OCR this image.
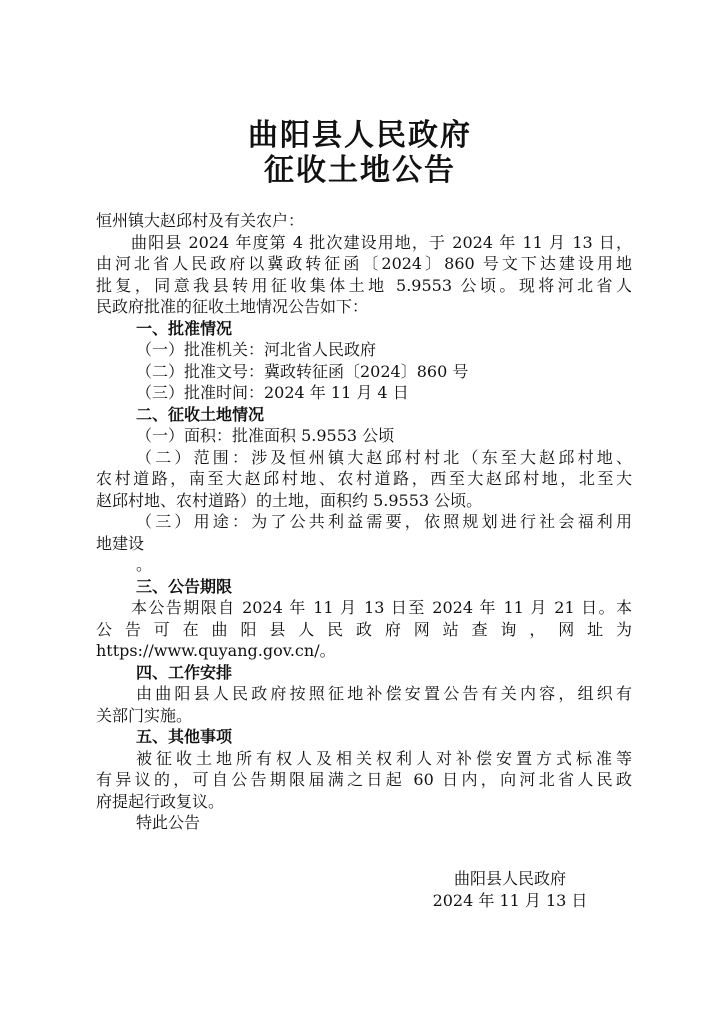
曲阳县人民政府
征收土地公告
恒州镇大赵邱村及有关农户：
曲阳县 2024 年度第 4 批次建设用地，于 2024 年 11 月 13 日，
由河北省人民政府以冀政转征函〔2024〕860 号文下达建设用地
批复，同意我县转用征收集体土地 5.9553 公顷。现将河北省人
民政府批准的征收土地情况公告如下：
一、批准情况
（一）批准机关：河北省人民政府
（二）批准文号：冀政转征函〔2024〕860 号
（三）批准时间：2024 年 11 月 4 日
二、征收土地情况
（一）面积：批准面积 5.9553 公顷
（二）范围：涉及恒州镇大赵邱村村北（东至大赵邱村地、
农村道路，南至大赵邱村地、农村道路，西至大赵邱村地，北至大
赵邱村地、农村道路）的土地，面积约 5.9553 公顷。
（三）用途：为了公共利益需要，依照规划进行社会福利用
地建设
。
三、公告期限
本公告期限自 2024 年 11 月 13 日至 2024 年 11 月 21 日。本
公 告 可 在 曲 阳 县 人 民 政 府 网 站 查 询 ， 网 址 为
https://www.quyang.gov.cn/。
四、工作安排
由曲阳县人民政府按照征地补偿安置公告有关内容，组织有
关部门实施。
五、其他事项
被征收土地所有权人及相关权利人对补偿安置方式标准等
有异议的，可自公告期限届满之日起 60 日内，向河北省人民政
府提起行政复议。
特此公告
曲阳县人民政府
2024 年 11 月 13 日
